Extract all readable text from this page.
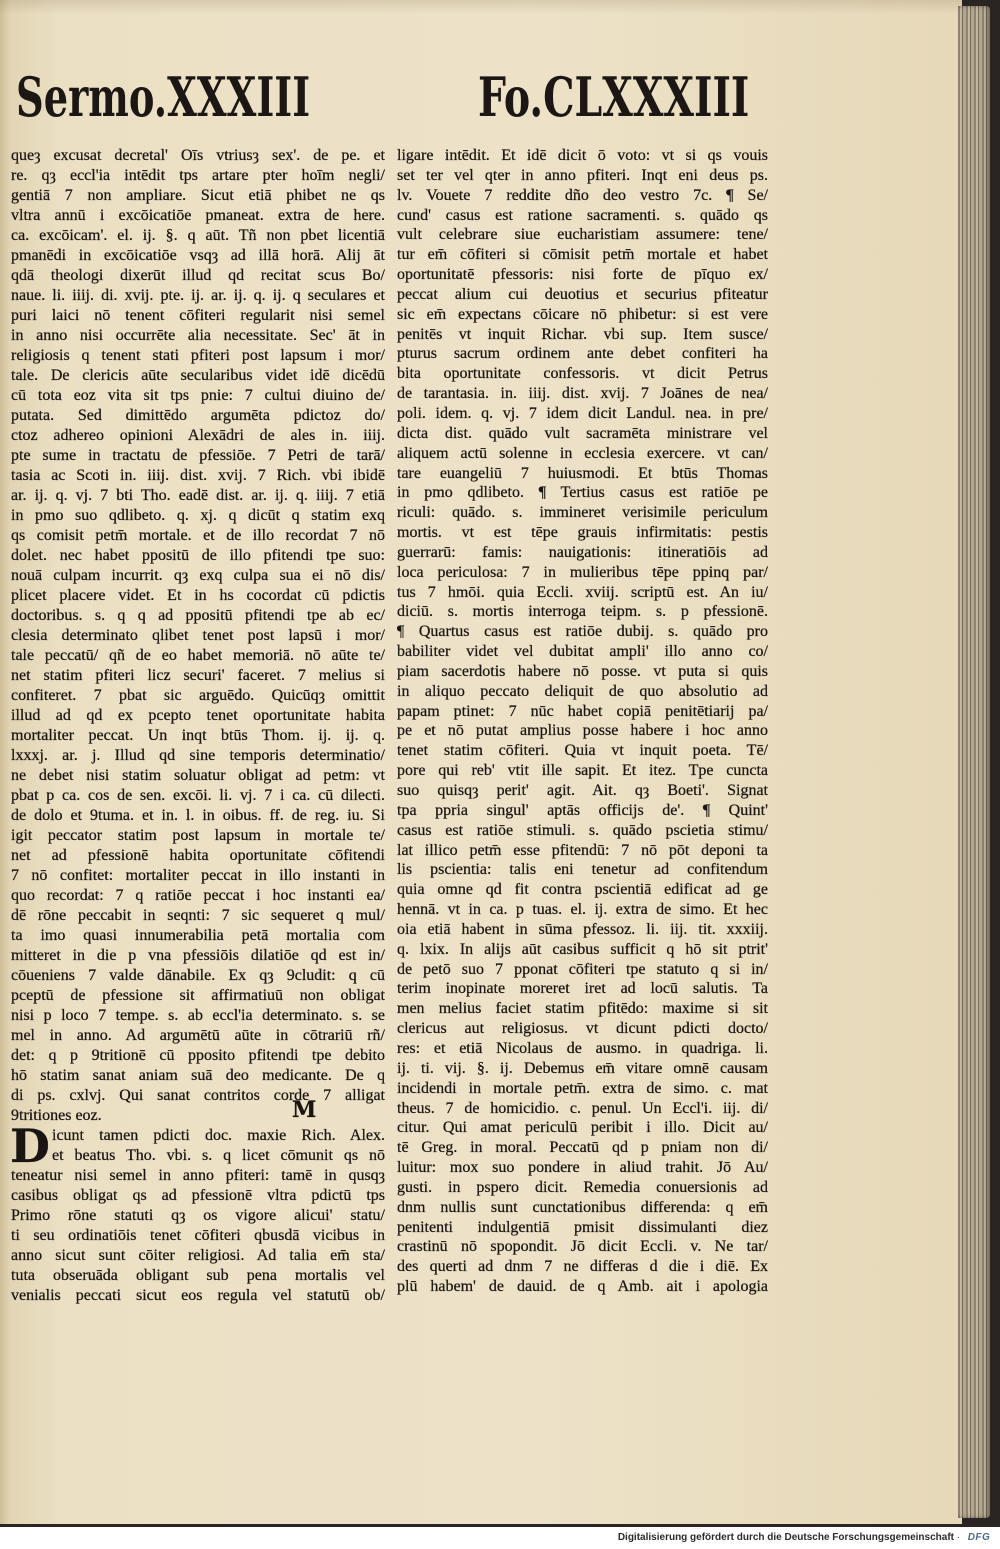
Sermo.XXXIII	Fo.CLXXXIII
queȝ excusat decretal' Oīs vtriusȝ sex'. de pe. et
re. qȝ eccl'ia intēdit tps artare pter hoīm negli/
gentiā 7 non ampliare. Sicut etiā phibet ne qs
vltra annū i excōicatiōe pmaneat. extra de here.
ca. excōicam'. el. ij. §. q aūt. Tñ non pbet licentiā
pmanēdi in excōicatiōe vsqȝ ad illā horā. Alij āt
qdā theologi dixerūt illud qd recitat scus Bo/
naue. li. iiij. di. xvij. pte. ij. ar. ij. q. ij. q seculares et
puri laici nō tenent cōfiteri regularit nisi semel
in anno nisi occurrēte alia necessitate. Sec' āt in
religiosis q tenent stati pfiteri post lapsum i mor/
tale. De clericis aūte secularibus videt idē dicēdū
cū tota eoz vita sit tps pnie: 7 cultui diuino de/
putata. Sed dimittēdo argumēta pdictoz do/
ctoz adhereo opinioni Alexādri de ales in. iiij.
pte sume in tractatu de pfessiōe. 7 Petri de tarā/
tasia ac Scoti in. iiij. dist. xvij. 7 Rich. vbi ibidē
ar. ij. q. vj. 7 bti Tho. eadē dist. ar. ij. q. iiij. 7 etiā
in pmo suo qdlibeto. q. xj. q dicūt q statim exq
qs comisit petm̄ mortale. et de illo recordat 7 nō
dolet. nec habet ppositū de illo pfitendi tpe suo:
nouā culpam incurrit. qȝ exq culpa sua ei nō dis/
plicet placere videt. Et in hs cocordat cū pdictis
doctoribus. s. q q ad ppositū pfitendi tpe ab ec/
clesia determinato qlibet tenet post lapsū i mor/
tale peccatū/ qñ de eo habet memoriā. nō aūte te/
net statim pfiteri licz securi' faceret. 7 melius si
confiteret. 7 pbat sic arguēdo. Quicūqȝ omittit
illud ad qd ex pcepto tenet oportunitate habita
mortaliter peccat. Un inqt btūs Thom. ij. ij. q.
lxxxj. ar. j. Illud qd sine temporis determinatio/
ne debet nisi statim soluatur obligat ad petm: vt
pbat p ca. cos de sen. excōi. li. vj. 7 i ca. cū dilecti.
de dolo et 9tuma. et in. l. in oibus. ff. de reg. iu. Si
igit peccator statim post lapsum in mortale te/
net ad pfessionē habita oportunitate cōfitendi
7 nō confitet: mortaliter peccat in illo instanti in
quo recordat: 7 q ratiōe peccat i hoc instanti ea/
dē rōne peccabit in seqnti: 7 sic sequeret q mul/
ta imo quasi innumerabilia petā mortalia com
mitteret in die p vna pfessiōis dilatiōe qd est in/
cōueniens 7 valde dānabile. Ex qȝ 9cludit: q cū
pceptū de pfessione sit affirmatiuū non obligat
nisi p loco 7 tempe. s. ab eccl'ia determinato. s. se
mel in anno. Ad argumētū aūte in cōtrariū rñ/
det: q p 9tritionē cū pposito pfitendi tpe debito
hō statim sanat aniam suā deo medicante. De q
di ps. cxlvj. Qui sanat contritos corde 7 alligat
9tritiones eoz.
D icunt tamen pdicti doc. maxie Rich. Alex.
et beatus Tho. vbi. s. q licet cōmunit qs nō
teneatur nisi semel in anno pfiteri: tamē in qusqȝ
casibus obligat qs ad pfessionē vltra pdictū tps
Primo rōne statuti qȝ os vigore alicui' statu/
ti seu ordinatiōis tenet cōfiteri qbusdā vicibus in
anno sicut sunt cōiter religiosi. Ad talia em̄ sta/
tuta obseruāda obligant sub pena mortalis vel
venialis peccati sicut eos regula vel statutū ob/
M
ligare intēdit. Et idē dicit ō voto: vt si qs vouis
set ter vel qter in anno pfiteri. Inqt eni deus ps.
lv. Vouete 7 reddite dño deo vestro 7c. ¶ Se/
cund' casus est ratione sacramenti. s. quādo qs
vult celebrare siue eucharistiam assumere: tene/
tur em̄ cōfiteri si cōmisit petm̄ mortale et habet
oportunitatē pfessoris: nisi forte de pīquo ex/
peccat alium cui deuotius et securius pfiteatur
sic em̄ expectans cōicare nō phibetur: si est vere
penitēs vt inquit Richar. vbi sup. Item susce/
pturus sacrum ordinem ante debet confiteri ha
bita oportunitate confessoris. vt dicit Petrus
de tarantasia. in. iiij. dist. xvij. 7 Joānes de nea/
poli. idem. q. vj. 7 idem dicit Landul. nea. in pre/
dicta dist. quādo vult sacramēta ministrare vel
aliquem actū solenne in ecclesia exercere. vt can/
tare euangeliū 7 huiusmodi. Et btūs Thomas
in pmo qdlibeto. ¶ Tertius casus est ratiōe pe
riculi: quādo. s. immineret verisimile periculum
mortis. vt est tēpe grauis infirmitatis: pestis
guerrarū: famis: nauigationis: itineratiōis ad
loca periculosa: 7 in mulieribus tēpe ppinq par/
tus 7 hmōi. quia Eccli. xviij. scriptū est. An iu/
diciū. s. mortis interroga teipm. s. p pfessionē.
¶ Quartus casus est ratiōe dubij. s. quādo pro
babiliter videt vel dubitat ampli' illo anno co/
piam sacerdotis habere nō posse. vt puta si quis
in aliquo peccato deliquit de quo absolutio ad
papam ptinet: 7 nūc habet copiā penitētiarij pa/
pe et nō putat amplius posse habere i hoc anno
tenet statim cōfiteri. Quia vt inquit poeta. Tē/
pore qui reb' vtit ille sapit. Et itez. Tpe cuncta
suo quisqȝ perit' agit. Ait. qȝ Boeti'. Signat
tpa ppria singul' aptās officijs de'. ¶ Quint'
casus est ratiōe stimuli. s. quādo pscietia stimu/
lat illico petm̄ esse pfitendū: 7 nō pōt deponi ta
lis pscientia: talis eni tenetur ad confitendum
quia omne qd fit contra pscientiā edificat ad ge
hennā. vt in ca. p tuas. el. ij. extra de simo. Et hec
oia etiā habent in sūma pfessoz. li. iij. tit. xxxiij.
q. lxix. In alijs aūt casibus sufficit q hō sit ptrit'
de petō suo 7 pponat cōfiteri tpe statuto q si in/
terim inopinate moreret iret ad locū salutis. Ta
men melius faciet statim pfitēdo: maxime si sit
clericus aut religiosus. vt dicunt pdicti docto/
res: et etiā Nicolaus de ausmo. in quadriga. li.
ij. ti. vij. §. ij. Debemus em̄ vitare omnē causam
incidendi in mortale petm̄. extra de simo. c. mat
theus. 7 de homicidio. c. penul. Un Eccl'i. iij. di/
citur. Qui amat periculū peribit i illo. Dicit au/
tē Greg. in moral. Peccatū qd p pniam non di/
luitur: mox suo pondere in aliud trahit. Jō Au/
gusti. in pspero dicit. Remedia conuersionis ad
dnm nullis sunt cunctationibus differenda: q em̄
penitenti indulgentiā pmisit dissimulanti diez
crastinū nō spopondit. Jō dicit Eccli. v. Ne tar/
des querti ad dnm 7 ne differas d die i diē. Ex
plū habem' de dauid. de q Amb. ait i apologia
Digitalisierung gefördert durch die Deutsche Forschungsgemeinschaft · DFG
